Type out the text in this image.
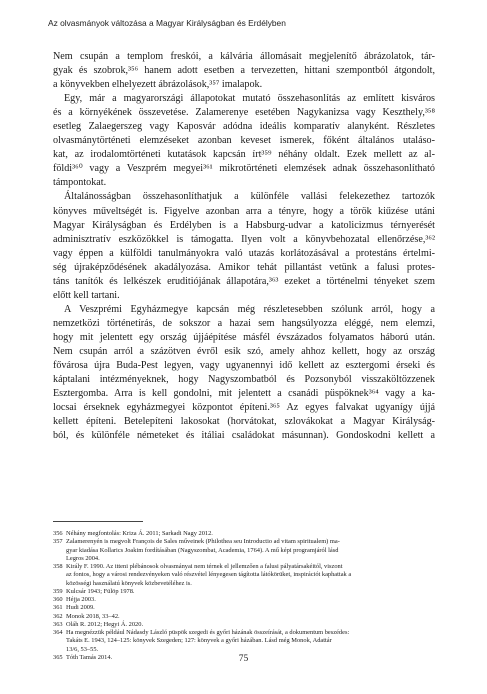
Az olvasmányok változása a Magyar Királyságban és Erdélyben
Nem csupán a templom freskói, a kálvária állomásait megjelenítő ábrázolatok, tár-
gyak és szobrok,³⁵⁶ hanem adott esetben a tervezetten, hittani szempontból átgondolt,
a könyvekben elhelyezett ábrázolások,³⁵⁷ imalapok.
Egy, már a magyarországi állapotokat mutató összehasonlítás az említett kisváros
és a környékének összevetése. Zalamerenye esetében Nagykanizsa vagy Keszthely,³⁵⁸
esetleg Zalaegerszeg vagy Kaposvár adódna ideális komparatív alanyként. Részletes
olvasmánytörténeti elemzéseket azonban keveset ismerek, főként általános utaláso-
kat, az irodalomtörténeti kutatások kapcsán írt³⁵⁹ néhány oldalt. Ezek mellett az al-
földi³⁶⁰ vagy a Veszprém megyei³⁶¹ mikrotörténeti elemzések adnak összehasonlítható
támpontokat.
Általánosságban összehasonlíthatjuk a különféle vallási felekezethez tartozók
könyves műveltségét is. Figyelve azonban arra a tényre, hogy a török kiűzése utáni
Magyar Királyságban és Erdélyben is a Habsburg-udvar a katolicizmus térnyerését
adminisztratív eszközökkel is támogatta. Ilyen volt a könyvbehozatal ellenőrzése,³⁶²
vagy éppen a külföldi tanulmányokra való utazás korlátozásával a protestáns értelmi-
ség újraképződésének akadályozása. Amikor tehát pillantást vetünk a falusi protes-
táns tanítók és lelkészek eruditiójának állapotára,³⁶³ ezeket a történelmi tényeket szem
előtt kell tartani.
A Veszprémi Egyházmegye kapcsán még részletesebben szólunk arról, hogy a
nemzetközi történetírás, de sokszor a hazai sem hangsúlyozza eléggé, nem elemzi,
hogy mit jelentett egy ország újjáépítése másfél évszázados folyamatos háború után.
Nem csupán arról a százötven évről esik szó, amely ahhoz kellett, hogy az ország
fővárosa újra Buda-Pest legyen, vagy ugyanennyi idő kellett az esztergomi érseki és
káptalani intézményeknek, hogy Nagyszombatból és Pozsonyból visszaköltözzenek
Esztergomba. Arra is kell gondolni, mit jelentett a csanádi püspöknek³⁶⁴ vagy a ka-
locsai érseknek egyházmegyei központot építeni.³⁶⁵ Az egyes falvakat ugyanígy újjá
kellett építeni. Betelepíteni lakosokat (horvátokat, szlovákokat a Magyar Királyság-
ból, és különféle németeket és itáliai családokat másunnan). Gondoskodni kellett a
356 Néhány megfontolás: Kriza Á. 2011; Sarkadi Nagy 2012.
357 Zalamerenyén is megvolt François de Sales műveinek (Philothea seu Introductio ad vitam spiritualem) ma-
gyar kiadása Kollarics Joakim fordításában (Nagyszombat, Academia, 1764). A mű képi programjáról lásd
Legros 2004.
358 Király F. 1990. Az itteni plébánosok olvasmányai nem térnek el jellemzően a falusi pályatársakéitól, viszont
az fontos, hogy a városi rendezvényeken való részvétel lényegesen tágította látókörüket, inspirációt kaphattak a
közösségi használatú könyvek közbevetéléhez is.
359 Kulcsár 1943; Fülöp 1978.
360 Héjja 2003.
361 Hudi 2009.
362 Monok 2018, 33–42.
363 Oláh R. 2012; Hegyi Á. 2020.
364 Ha megnézzük például Nádasdy László püspök szegedi és győri házának összeírását, a dokumentum beszédes:
Takáts E. 1943, 124–125: könyvek Szegeden; 127: könyvek a győri házában. Lásd még Monok, Adattár
13/6, 53–55.
365 Tóth Tamás 2014.	75
